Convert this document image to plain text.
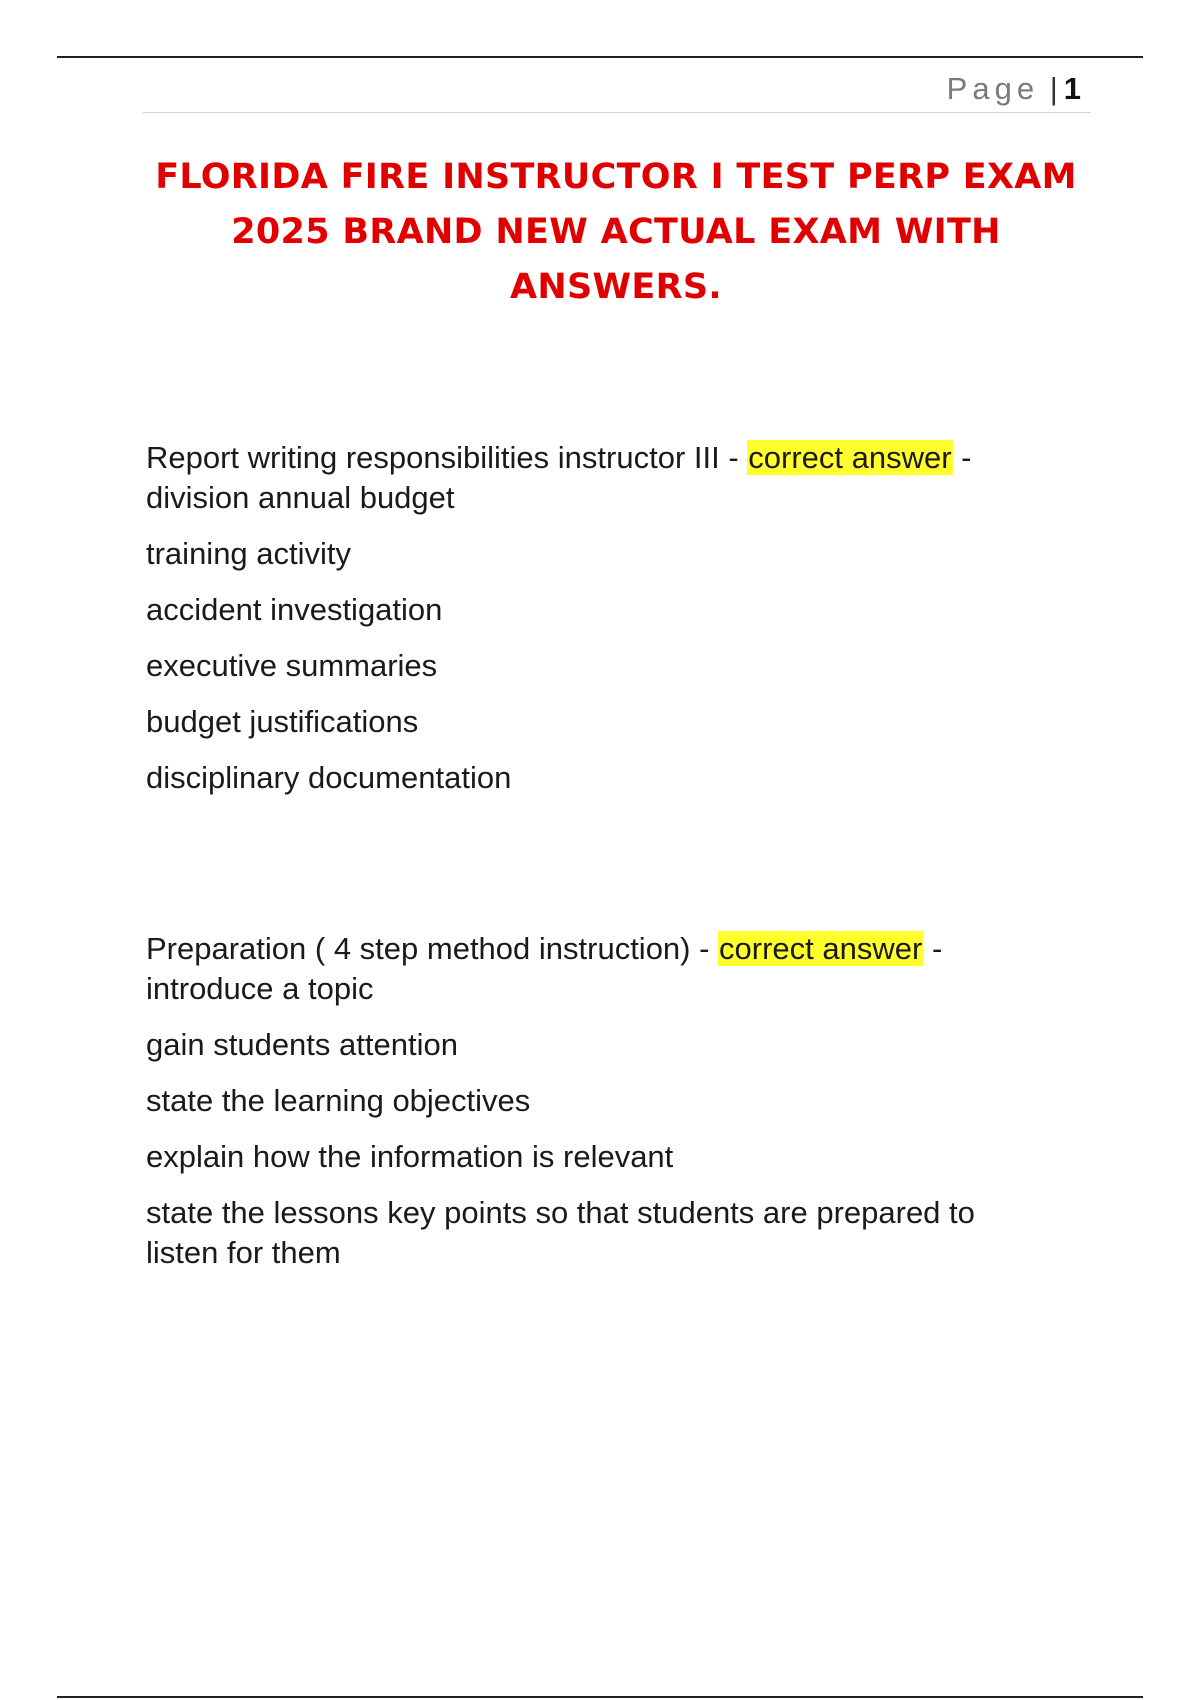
Page | 1
FLORIDA FIRE INSTRUCTOR I TEST PERP EXAM 2025 BRAND NEW ACTUAL EXAM WITH ANSWERS.
Report writing responsibilities instructor III - correct answer -
division annual budget
training activity
accident investigation
executive summaries
budget justifications
disciplinary documentation
Preparation ( 4 step method instruction) - correct answer -
introduce a topic
gain students attention
state the learning objectives
explain how the information is relevant
state the lessons key points so that students are prepared to listen for them
